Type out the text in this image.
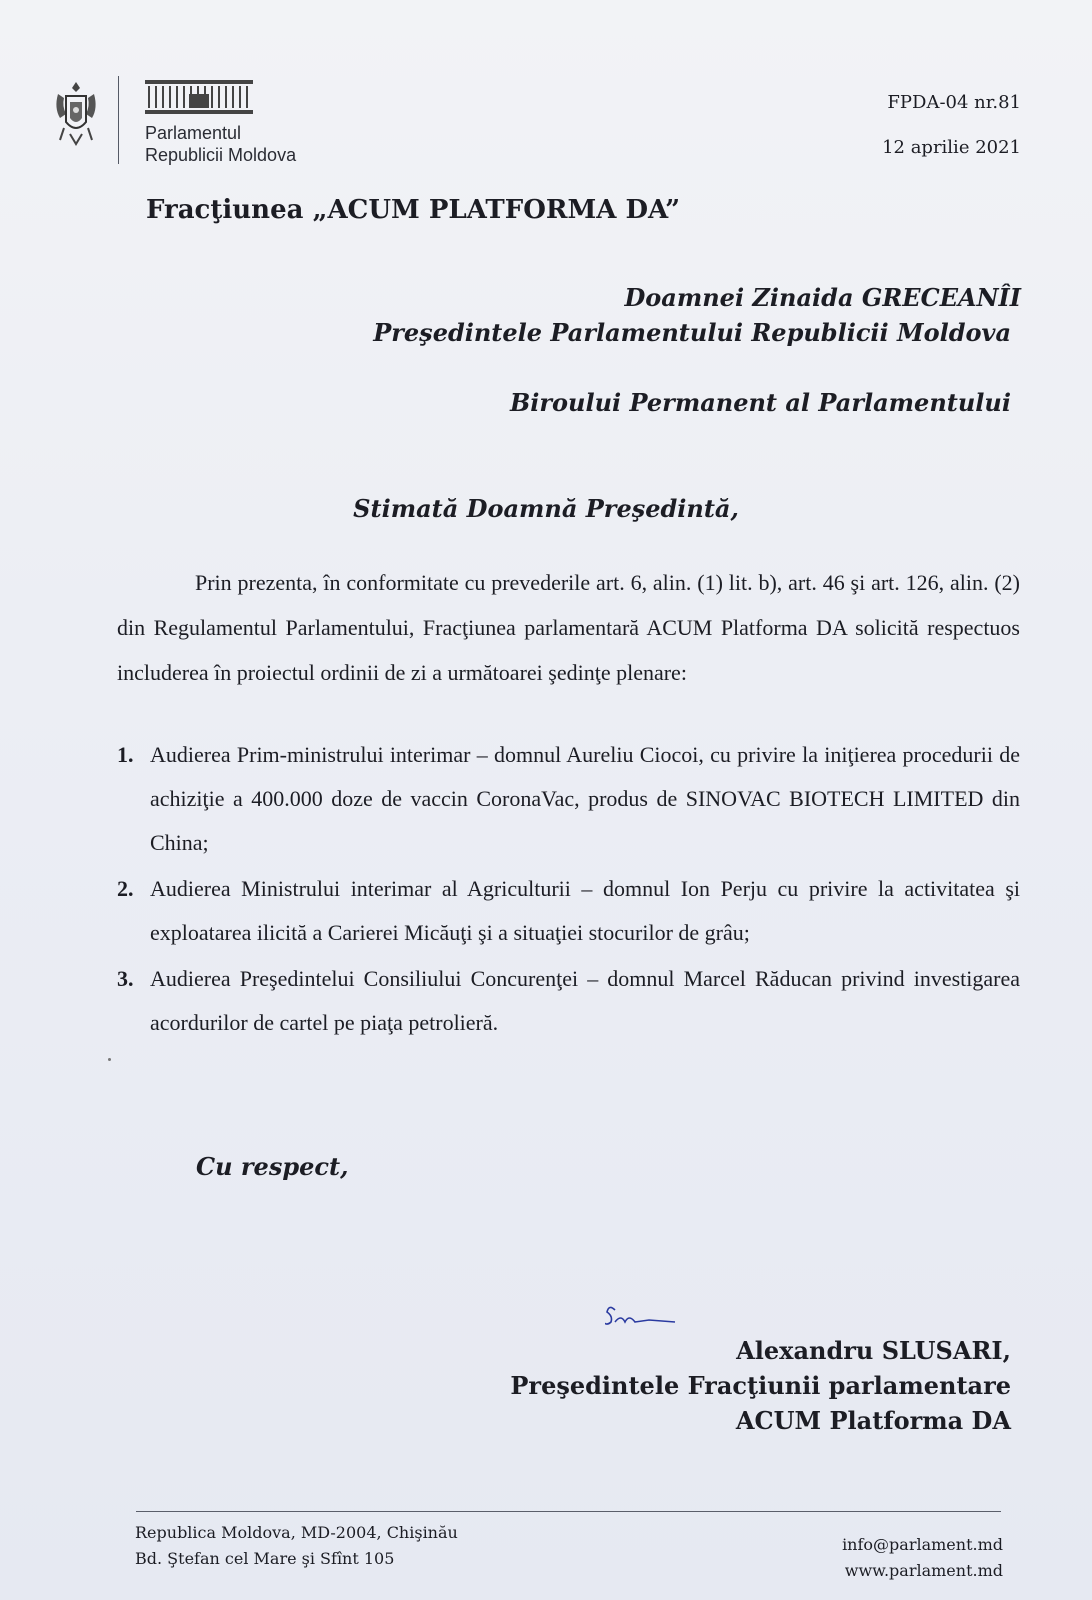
Parlamentul
Republicii Moldova
FPDA-04 nr.81
12 aprilie 2021
Fracţiunea „ACUM PLATFORMA DA”
Doamnei Zinaida GRECEANÎI
Preşedintele Parlamentului Republicii Moldova
Biroului Permanent al Parlamentului
Stimată Doamnă Preşedintă,

Prin prezenta, în conformitate cu prevederile art. 6, alin. (1) lit. b), art. 46 şi art. 126, alin. (2) din Regulamentul Parlamentului, Fracţiunea parlamentară ACUM Platforma DA solicită respectuos includerea în proiectul ordinii de zi a următoarei şedinţe plenare:

1. Audierea Prim-ministrului interimar – domnul Aureliu Ciocoi, cu privire la iniţierea procedurii de achiziţie a 400.000 doze de vaccin CoronaVac, produs de SINOVAC BIOTECH LIMITED din China;
2. Audierea Ministrului interimar al Agriculturii – domnul Ion Perju cu privire la activitatea şi exploatarea ilicită a Carierei Micăuţi şi a situaţiei stocurilor de grâu;
3. Audierea Preşedintelui Consiliului Concurenţei – domnul Marcel Răducan privind investigarea acordurilor de cartel pe piaţa petrolieră.
Cu respect,
Alexandru SLUSARI,
Preşedintele Fracţiunii parlamentare
ACUM Platforma DA
Republica Moldova, MD-2004, Chişinău
Bd. Ştefan cel Mare şi Sfînt 105
info@parlament.md
www.parlament.md
